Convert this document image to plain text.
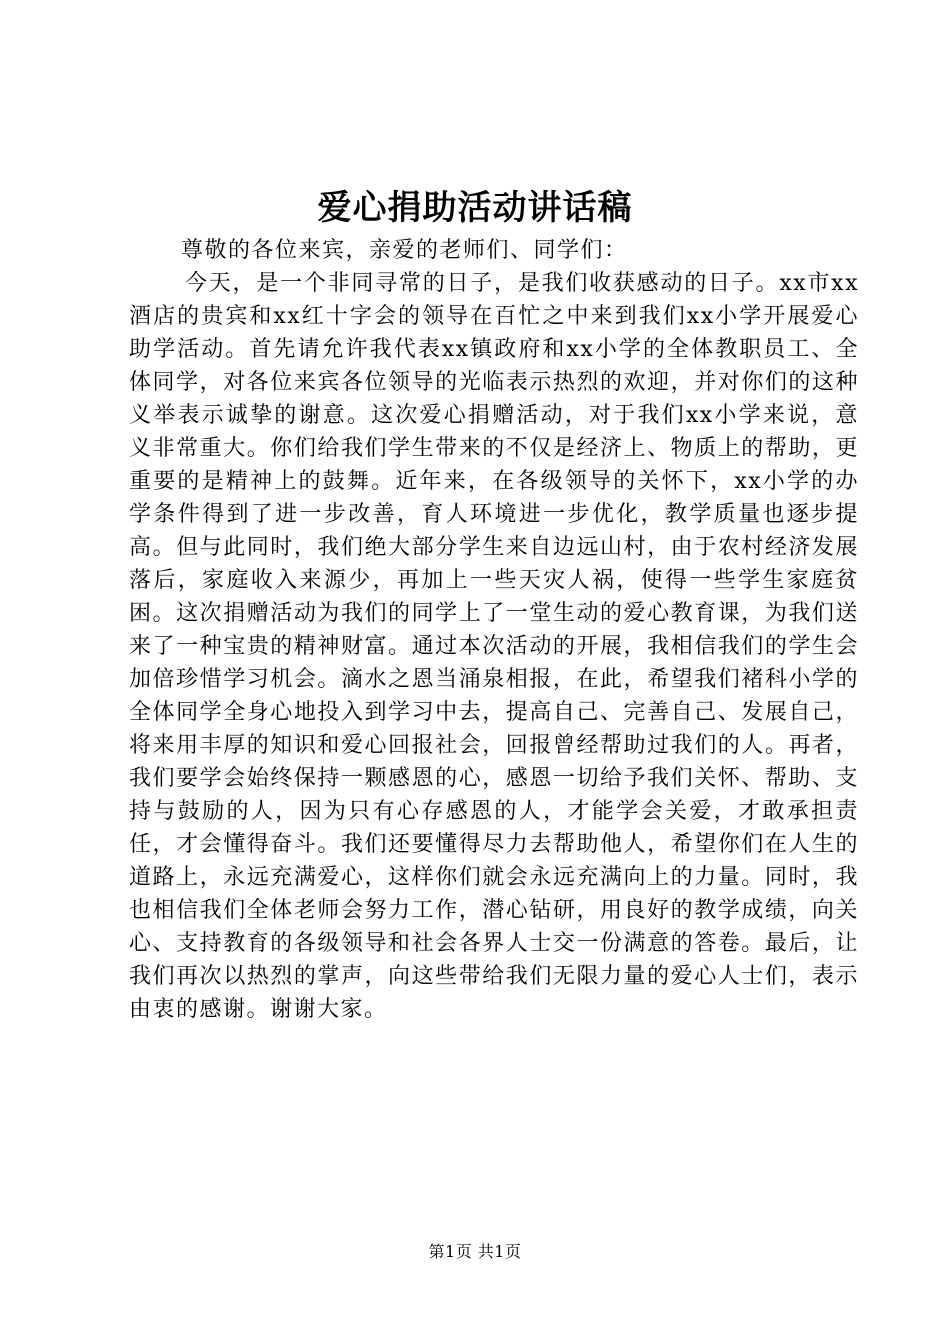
爱心捐助活动讲话稿

尊敬的各位来宾，亲爱的老师们、同学们：

今天，是一个非同寻常的日子，是我们收获感动的日子。xx市xx酒店的贵宾和xx红十字会的领导在百忙之中来到我们xx小学开展爱心助学活动。首先请允许我代表xx镇政府和xx小学的全体教职员工、全体同学，对各位来宾各位领导的光临表示热烈的欢迎，并对你们的这种义举表示诚挚的谢意。这次爱心捐赠活动，对于我们xx小学来说，意义非常重大。你们给我们学生带来的不仅是经济上、物质上的帮助，更重要的是精神上的鼓舞。近年来，在各级领导的关怀下，xx小学的办学条件得到了进一步改善，育人环境进一步优化，教学质量也逐步提高。但与此同时，我们绝大部分学生来自边远山村，由于农村经济发展落后，家庭收入来源少，再加上一些天灾人祸，使得一些学生家庭贫困。这次捐赠活动为我们的同学上了一堂生动的爱心教育课，为我们送来了一种宝贵的精神财富。通过本次活动的开展，我相信我们的学生会加倍珍惜学习机会。滴水之恩当涌泉相报，在此，希望我们褚科小学的全体同学全身心地投入到学习中去，提高自己、完善自己、发展自己，将来用丰厚的知识和爱心回报社会，回报曾经帮助过我们的人。再者，我们要学会始终保持一颗感恩的心，感恩一切给予我们关怀、帮助、支持与鼓励的人，因为只有心存感恩的人，才能学会关爱，才敢承担责任，才会懂得奋斗。我们还要懂得尽力去帮助他人，希望你们在人生的道路上，永远充满爱心，这样你们就会永远充满向上的力量。同时，我也相信我们全体老师会努力工作，潜心钻研，用良好的教学成绩，向关心、支持教育的各级领导和社会各界人士交一份满意的答卷。最后，让我们再次以热烈的掌声，向这些带给我们无限力量的爱心人士们，表示由衷的感谢。谢谢大家。

第1页 共1页
